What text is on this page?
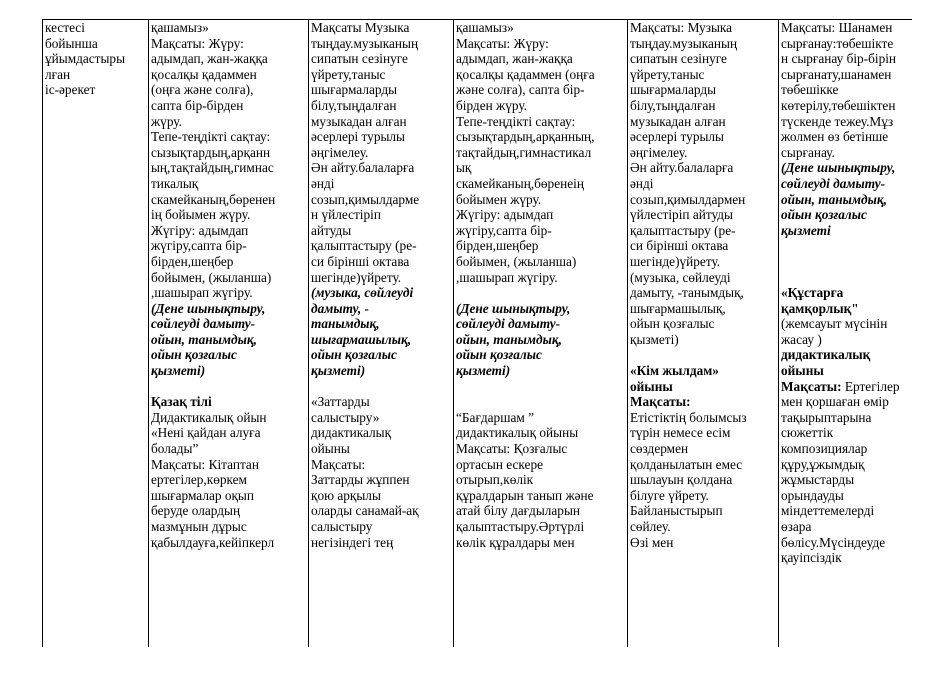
кестесі
бойынша
ұйымдастыры
лған
іс-әрекет

қашамыз»
Мақсаты: Жүру:
адымдап, жан-жаққа
қосалқы қадаммен
(оңға және солға),
сапта бір-бірден
жүру.
Тепе-теңдікті сақтау:
сызықтардың,арқанн
ың,тақтайдың,гимнас
тикалық
скамейканың,бөренен
ің бойымен жүру.
Жүгіру: адымдап
жүгіру,сапта бір-
бірден,шеңбер
бойымен, (жыланша)
,шашырап жүгіру.
(Дене шынықтыру,
сөйлеуді дамыту-
ойын, танымдық,
ойын қозғалыс
қызметі)
Қазақ тілі
Дидактикалық ойын
«Нені қайдан алуға
болады”
Мақсаты: Кітаптан
ертегілер,көркем
шығармалар оқып
беруде олардың
мазмұнын дұрыс
қабылдауға,кейіпкерл

Мақсаты Музыка
тыңдау.музыканың
сипатын сезінуге
үйрету,таныс
шығармаларды
білу,тыңдалған
музыкадан алған
әсерлері турылы
әңгімелеу.
Ән айту.балаларға
әнді
созып,қимылдарме
н үйлестіріп
айтуды
қалыптастыру (ре-
си бірінші октава
шегінде)үйрету.
(музыка, сөйлеуді
дамыту, -
танымдық,
шығармашылық,
ойын қозғалыс
қызметі)
«Заттарды
салыстыру»
дидактикалық
ойыны
Мақсаты:
Заттарды жұппен
қою арқылы
оларды санамай-ақ
салыстыру
негізіндегі тең

қашамыз»
Мақсаты: Жүру:
адымдап, жан-жаққа
қосалқы қадаммен (оңға
және солға), сапта бір-
бірден жүру.
Тепе-теңдікті сақтау:
сызықтардың,арқанның,
тақтайдың,гимнастикал
ық
скамейканың,бөренеің
бойымен жүру.
Жүгіру: адымдап
жүгіру,сапта бір-
бірден,шеңбер
бойымен, (жыланша)
,шашырап жүгіру.
(Дене шынықтыру,
сөйлеуді дамыту-
ойын, танымдық,
ойын қозғалыс
қызметі)
“Бағдаршам ”
дидактикалық ойыны
Мақсаты: Қозғалыс
ортасын ескере
отырып,көлік
құралдарын танып және
атай білу дағдыларын
қалыптастыру.Әртүрлі
көлік құралдары мен

Мақсаты: Музыка
тыңдау.музыканың
сипатын сезінуге
үйрету,таныс
шығармаларды
білу,тыңдалған
музыкадан алған
әсерлері турылы
әңгімелеу.
Ән айту.балаларға
әнді
созып,қимылдармен
үйлестіріп айтуды
қалыптастыру (ре-
си бірінші октава
шегінде)үйрету.
(музыка, сөйлеуді
дамыту, -танымдық,
шығармашылық,
ойын қозғалыс
қызметі)
«Кім жылдам»
ойыны
Мақсаты:
Етістіктің болымсыз
түрін немесе есім
сөздермен
қолданылатын емес
шылауын қолдана
білуге үйрету.
Байланыстырып
сөйлеу.
Өзі мен

Мақсаты: Шанамен
сырғанау:төбешікте
н сырғанау бір-бірін
сырғанату,шанамен
төбешікке
көтерілу,төбешіктен
түскенде тежеу.Мұз
жолмен өз бетінше
сырғанау.
(Дене шынықтыру,
сөйлеуді дамыту-
ойын, танымдық,
ойын қозғалыс
қызметі
«Құстарға
қамқорлық"
(жемсауыт мүсінін
жасау )
дидактикалық
ойыны
Мақсаты: Ертегілер
мен қоршаған өмір
тақырыптарына
сюжеттік
композициялар
құру,ұжымдық
жұмыстарды
орындауды
міндеттемелерді
өзара
бөлісу.Мүсіндеуде
қауіпсіздік
